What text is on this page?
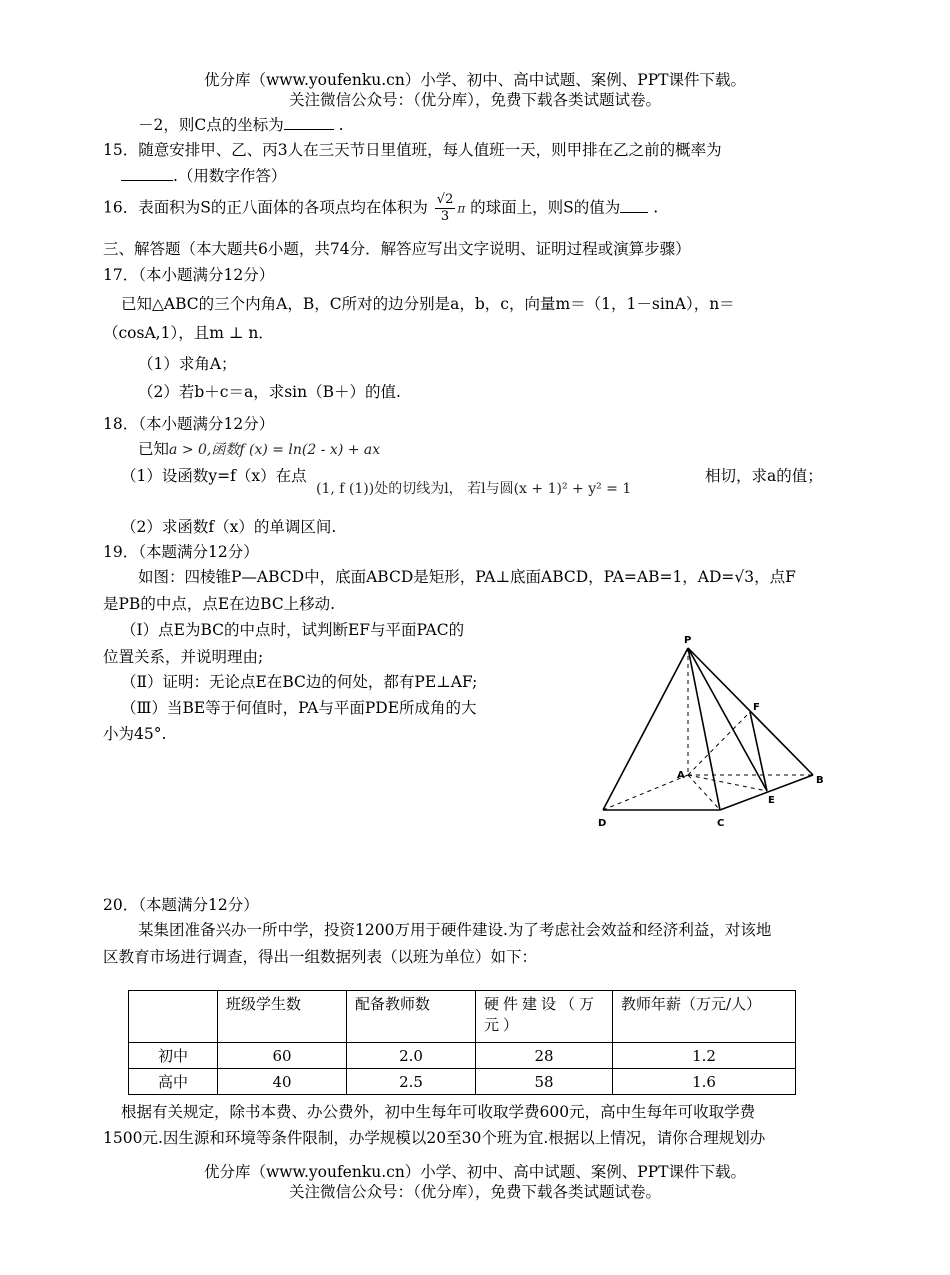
优分库（www.youfenku.cn）小学、初中、高中试题、案例、PPT课件下载。
关注微信公众号：（优分库），免费下载各类试题试卷。
－2，则C点的坐标为	.
15．随意安排甲、乙、丙3人在三天节日里值班，每人值班一天，则甲排在乙之前的概率为
.（用数字作答）
16．表面积为S的正八面体的各项点均在体积为 $\frac{√2}{3}$ π 的球面上，则S的值为 .
三、解答题（本大题共6小题，共74分．解答应写出文字说明、证明过程或演算步骤）
17．（本小题满分12分）
已知△ABC的三个内角A，B，C所对的边分别是a，b，c，向量m＝（1，1－sinA），n＝
（cosA,1），且m ⊥ n．
（1）求角A；
（2）若b＋c＝a，求sin（B＋）的值.
18．（本小题满分12分）
已知a > 0,函数f (x) = ln(2 - x) + ax
（1）设函数y=f（x）在点
(1, f (1))处的切线为l， 若l与圆(x + 1)² + y² = 1
相切，求a的值；
（2）求函数f（x）的单调区间.
19．（本题满分12分）
如图：四棱锥P—ABCD中，底面ABCD是矩形，PA⊥底面ABCD，PA=AB=1，AD=√3，点F
是PB的中点，点E在边BC上移动.
（Ⅰ）点E为BC的中点时，试判断EF与平面PAC的
位置关系，并说明理由;
（Ⅱ）证明：无论点E在BC边的何处，都有PE⊥AF;
（Ⅲ）当BE等于何值时，PA与平面PDE所成角的大
小为45°.
P
F
A	B
E
D	C
20．（本题满分12分）
某集团准备兴办一所中学，投资1200万用于硬件建设.为了考虑社会效益和经济利益，对该地
区教育市场进行调查，得出一组数据列表（以班为单位）如下：
	班级学生数	配备教师数	硬件建设（万元）	教师年薪（万元/人）
初中	60	2.0	28	1.2
高中	40	2.5	58	1.6
根据有关规定，除书本费、办公费外，初中生每年可收取学费600元，高中生每年可收取学费
1500元.因生源和环境等条件限制，办学规模以20至30个班为宜.根据以上情况，请你合理规划办
优分库（www.youfenku.cn）小学、初中、高中试题、案例、PPT课件下载。
关注微信公众号：（优分库），免费下载各类试题试卷。
